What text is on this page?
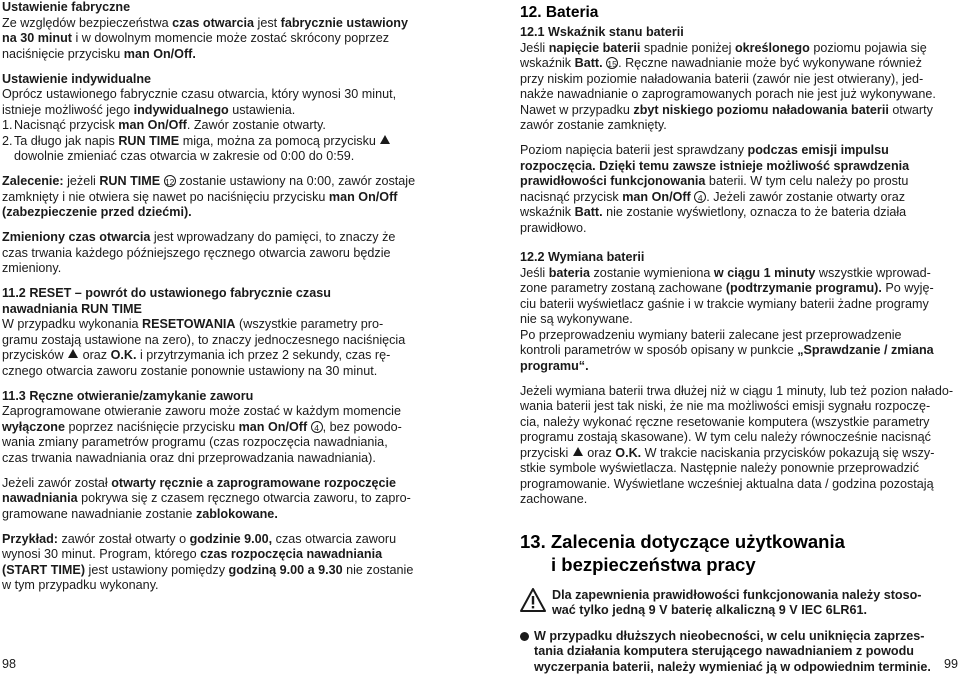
Ustawienie fabryczne
Ze względów bezpieczeństwa czas otwarcia jest fabrycznie ustawiony
na 30 minut i w dowolnym momencie może zostać skrócony poprzez
naciśnięcie przycisku man On/Off.
Ustawienie indywidualne
Oprócz ustawionego fabrycznie czasu otwarcia, który wynosi 30 minut,
istnieje możliwość jego indywidualnego ustawienia.
1.Nacisnąć przycisk man On/Off. Zawór zostanie otwarty.
2.Ta długo jak napis RUN TIME miga, można za pomocą przycisku
dowolnie zmieniać czas otwarcia w zakresie od 0:00 do 0:59.
Zalecenie: jeżeli RUN TIME 12 zostanie ustawiony na 0:00, zawór zostaje
zamknięty i nie otwiera się nawet po naciśnięciu przycisku man On/Off
(zabezpieczenie przed dziećmi).
Zmieniony czas otwarcia jest wprowadzany do pamięci, to znaczy że
czas trwania każdego późniejszego ręcznego otwarcia zaworu będzie
zmieniony.
11.2 RESET – powrót do ustawionego fabrycznie czasu
nawadniania RUN TIME
W przypadku wykonania RESETOWANIA (wszystkie parametry pro-
gramu zostają ustawione na zero), to znaczy jednoczesnego naciśnięcia
przycisków  oraz O.K. i przytrzymania ich przez 2 sekundy, czas rę-
cznego otwarcia zaworu zostanie ponownie ustawiony na 30 minut.
11.3 Ręczne otwieranie/zamykanie zaworu
Zaprogramowane otwieranie zaworu może zostać w każdym momencie
wyłączone poprzez naciśnięcie przycisku man On/Off 4 , bez powodo-
wania zmiany parametrów programu (czas rozpoczęcia nawadniania,
czas trwania nawadniania oraz dni przeprowadzania nawadniania).
Jeżeli zawór został otwarty ręcznie a zaprogramowane rozpoczęcie
nawadniania pokrywa się z czasem ręcznego otwarcia zaworu, to zapro-
gramowane nawadnianie zostanie zablokowane.
Przykład: zawór został otwarty o godzinie 9.00, czas otwarcia zaworu
wynosi 30 minut. Program, którego czas rozpoczęcia nawadniania
(START TIME) jest ustawiony pomiędzy godziną 9.00 a 9.30 nie zostanie
w tym przypadku wykonany.
12. Bateria
12.1 Wskaźnik stanu baterii
Jeśli napięcie baterii spadnie poniżej określonego poziomu pojawia się
wskaźnik Batt. 15. Ręczne nawadnianie może być wykonywane również
przy niskim poziomie naładowania baterii (zawór nie jest otwierany), jed-
nakże nawadnianie o zaprogramowanych porach nie jest już wykonywane.
Nawet w przypadku zbyt niskiego poziomu naładowania baterii otwarty
zawór zostanie zamknięty.
Poziom napięcia baterii jest sprawdzany podczas emisji impulsu
rozpoczęcia. Dzięki temu zawsze istnieje możliwość sprawdzenia
prawidłowości funkcjonowania baterii. W tym celu należy po prostu
nacisnąć przycisk man On/Off 4 . Jeżeli zawór zostanie otwarty oraz
wskaźnik Batt. nie zostanie wyświetlony, oznacza to że bateria działa
prawidłowo.
12.2 Wymiana baterii
Jeśli bateria zostanie wymieniona w ciągu 1 minuty wszystkie wprowad-
zone parametry zostaną zachowane (podtrzymanie programu). Po wyję-
ciu baterii wyświetlacz gaśnie i w trakcie wymiany baterii żadne programy
nie są wykonywane.
Po przeprowadzeniu wymiany baterii zalecane jest przeprowadzenie
kontroli parametrów w sposób opisany w punkcie „Sprawdzanie / zmiana
programu“.
Jeżeli wymiana baterii trwa dłużej niż w ciągu 1 minuty, lub też pozion nałado-
wania baterii jest tak niski, że nie ma możliwości emisji sygnału rozpoczę-
cia, należy wykonać ręczne resetowanie komputera (wszystkie parametry
programu zostają skasowane). W tym celu należy równocześnie nacisnąć
przyciski  oraz O.K. W trakcie naciskania przycisków pokazują się wszy-
stkie symbole wyświetlacza. Następnie należy ponownie przeprowadzić
programowanie. Wyświetlane wcześniej aktualna data / godzina pozostają
zachowane.
13. Zalecenia dotyczące użytkowania
i bezpieczeństwa pracy
Dla zapewnienia prawidłowości funkcjonowania należy stoso-
wać tylko jedną 9 V baterię alkaliczną 9 V IEC 6LR61.
W przypadku dłuższych nieobecności, w celu uniknięcia zaprzes-
tania działania komputera sterującego nawadnianiem z powodu
wyczerpania baterii, należy wymieniać ją w odpowiednim terminie.
98	99
